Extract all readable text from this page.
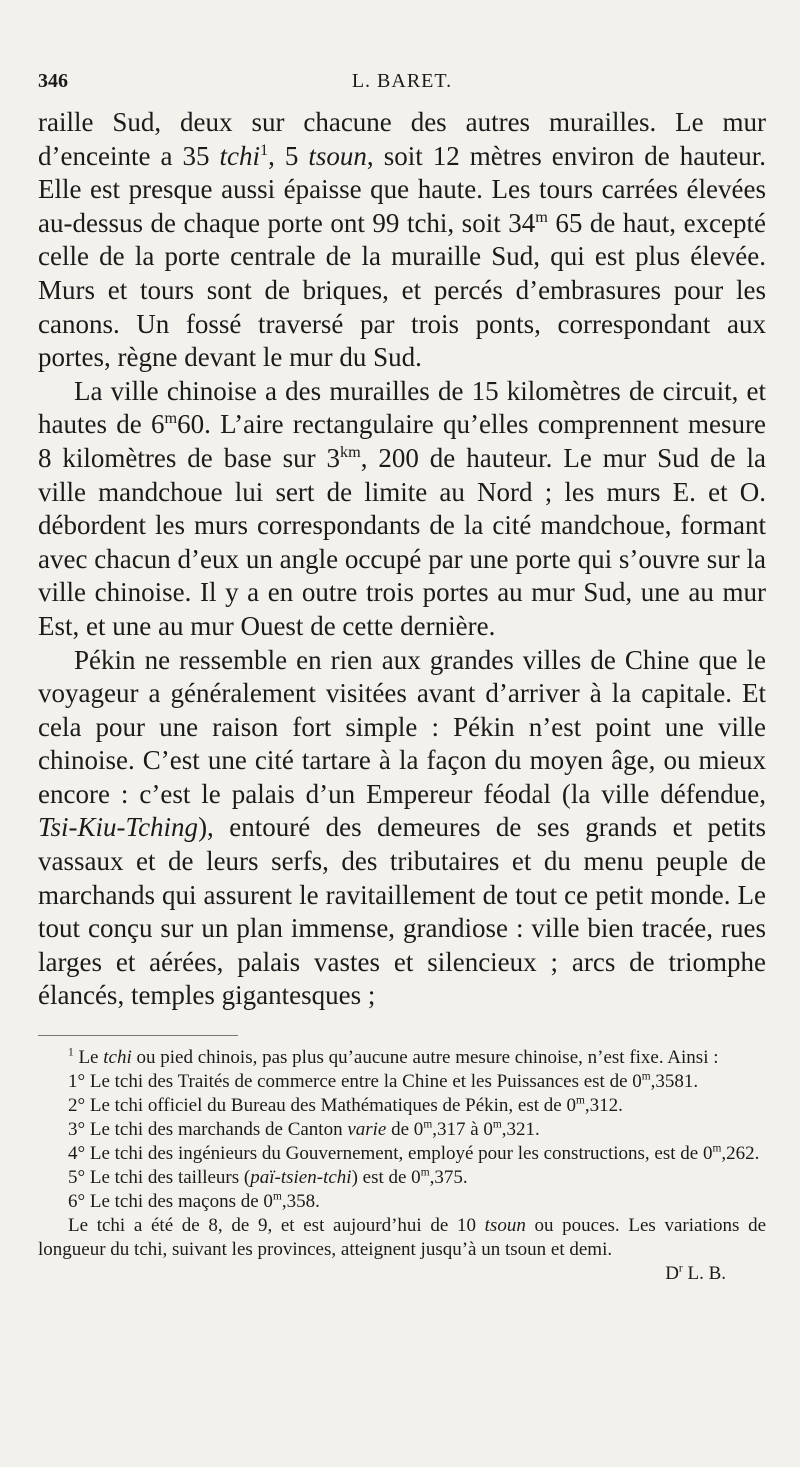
346	L. BARET.

raille Sud, deux sur chacune des autres murailles. Le mur d’enceinte a 35 tchi$^1$, 5 tsoun, soit 12 mètres environ de hauteur. Elle est presque aussi épaisse que haute. Les tours carrées élevées au-dessus de chaque porte ont 99 tchi, soit 34$^m$ 65 de haut, excepté celle de la porte centrale de la muraille Sud, qui est plus élevée. Murs et tours sont de briques, et percés d’embrasures pour les canons. Un fossé traversé par trois ponts, correspondant aux portes, règne devant le mur du Sud.

La ville chinoise a des murailles de 15 kilomètres de circuit, et hautes de 6$^m$60. L’aire rectangulaire qu’elles comprennent mesure 8 kilomètres de base sur $3^{km}$, 200 de hauteur. Le mur Sud de la ville mandchoue lui sert de limite au Nord ; les murs E. et O. débordent les murs correspondants de la cité mandchoue, formant avec chacun d’eux un angle occupé par une porte qui s’ouvre sur la ville chinoise. Il y a en outre trois portes au mur Sud, une au mur Est, et une au mur Ouest de cette dernière.

Pékin ne ressemble en rien aux grandes villes de Chine que le voyageur a généralement visitées avant d’arriver à la capitale. Et cela pour une raison fort simple : Pékin n’est point une ville chinoise. C’est une cité tartare à la façon du moyen âge, ou mieux encore : c’est le palais d’un Empereur féodal (la ville défendue, Tsi-Kiu-Tching), entouré des demeures de ses grands et petits vassaux et de leurs serfs, des tributaires et du menu peuple de marchands qui assurent le ravitaillement de tout ce petit monde. Le tout conçu sur un plan immense, grandiose : ville bien tracée, rues larges et aérées, palais vastes et silencieux ; arcs de triomphe élancés, temples gigantesques ;

$^1$ Le tchi ou pied chinois, pas plus qu’aucune autre mesure chinoise, n’est fixe. Ainsi :

1° Le tchi des Traités de commerce entre la Chine et les Puissances est de 0$^m$,3581.

2° Le tchi officiel du Bureau des Mathématiques de Pékin, est de 0$^m$,312.

3° Le tchi des marchands de Canton varie de 0$^m$,317 à 0$^m$,321.

4° Le tchi des ingénieurs du Gouvernement, employé pour les constructions, est de 0$^m$,262.

5° Le tchi des tailleurs (paï-tsien-tchi) est de 0$^m$,375.

6° Le tchi des maçons de 0$^m$,358.

Le tchi a été de 8, de 9, et est aujourd’hui de 10 tsoun ou pouces. Les variations de longueur du tchi, suivant les provinces, atteignent jusqu’à un tsoun et demi.

$D^r$ L. B.
